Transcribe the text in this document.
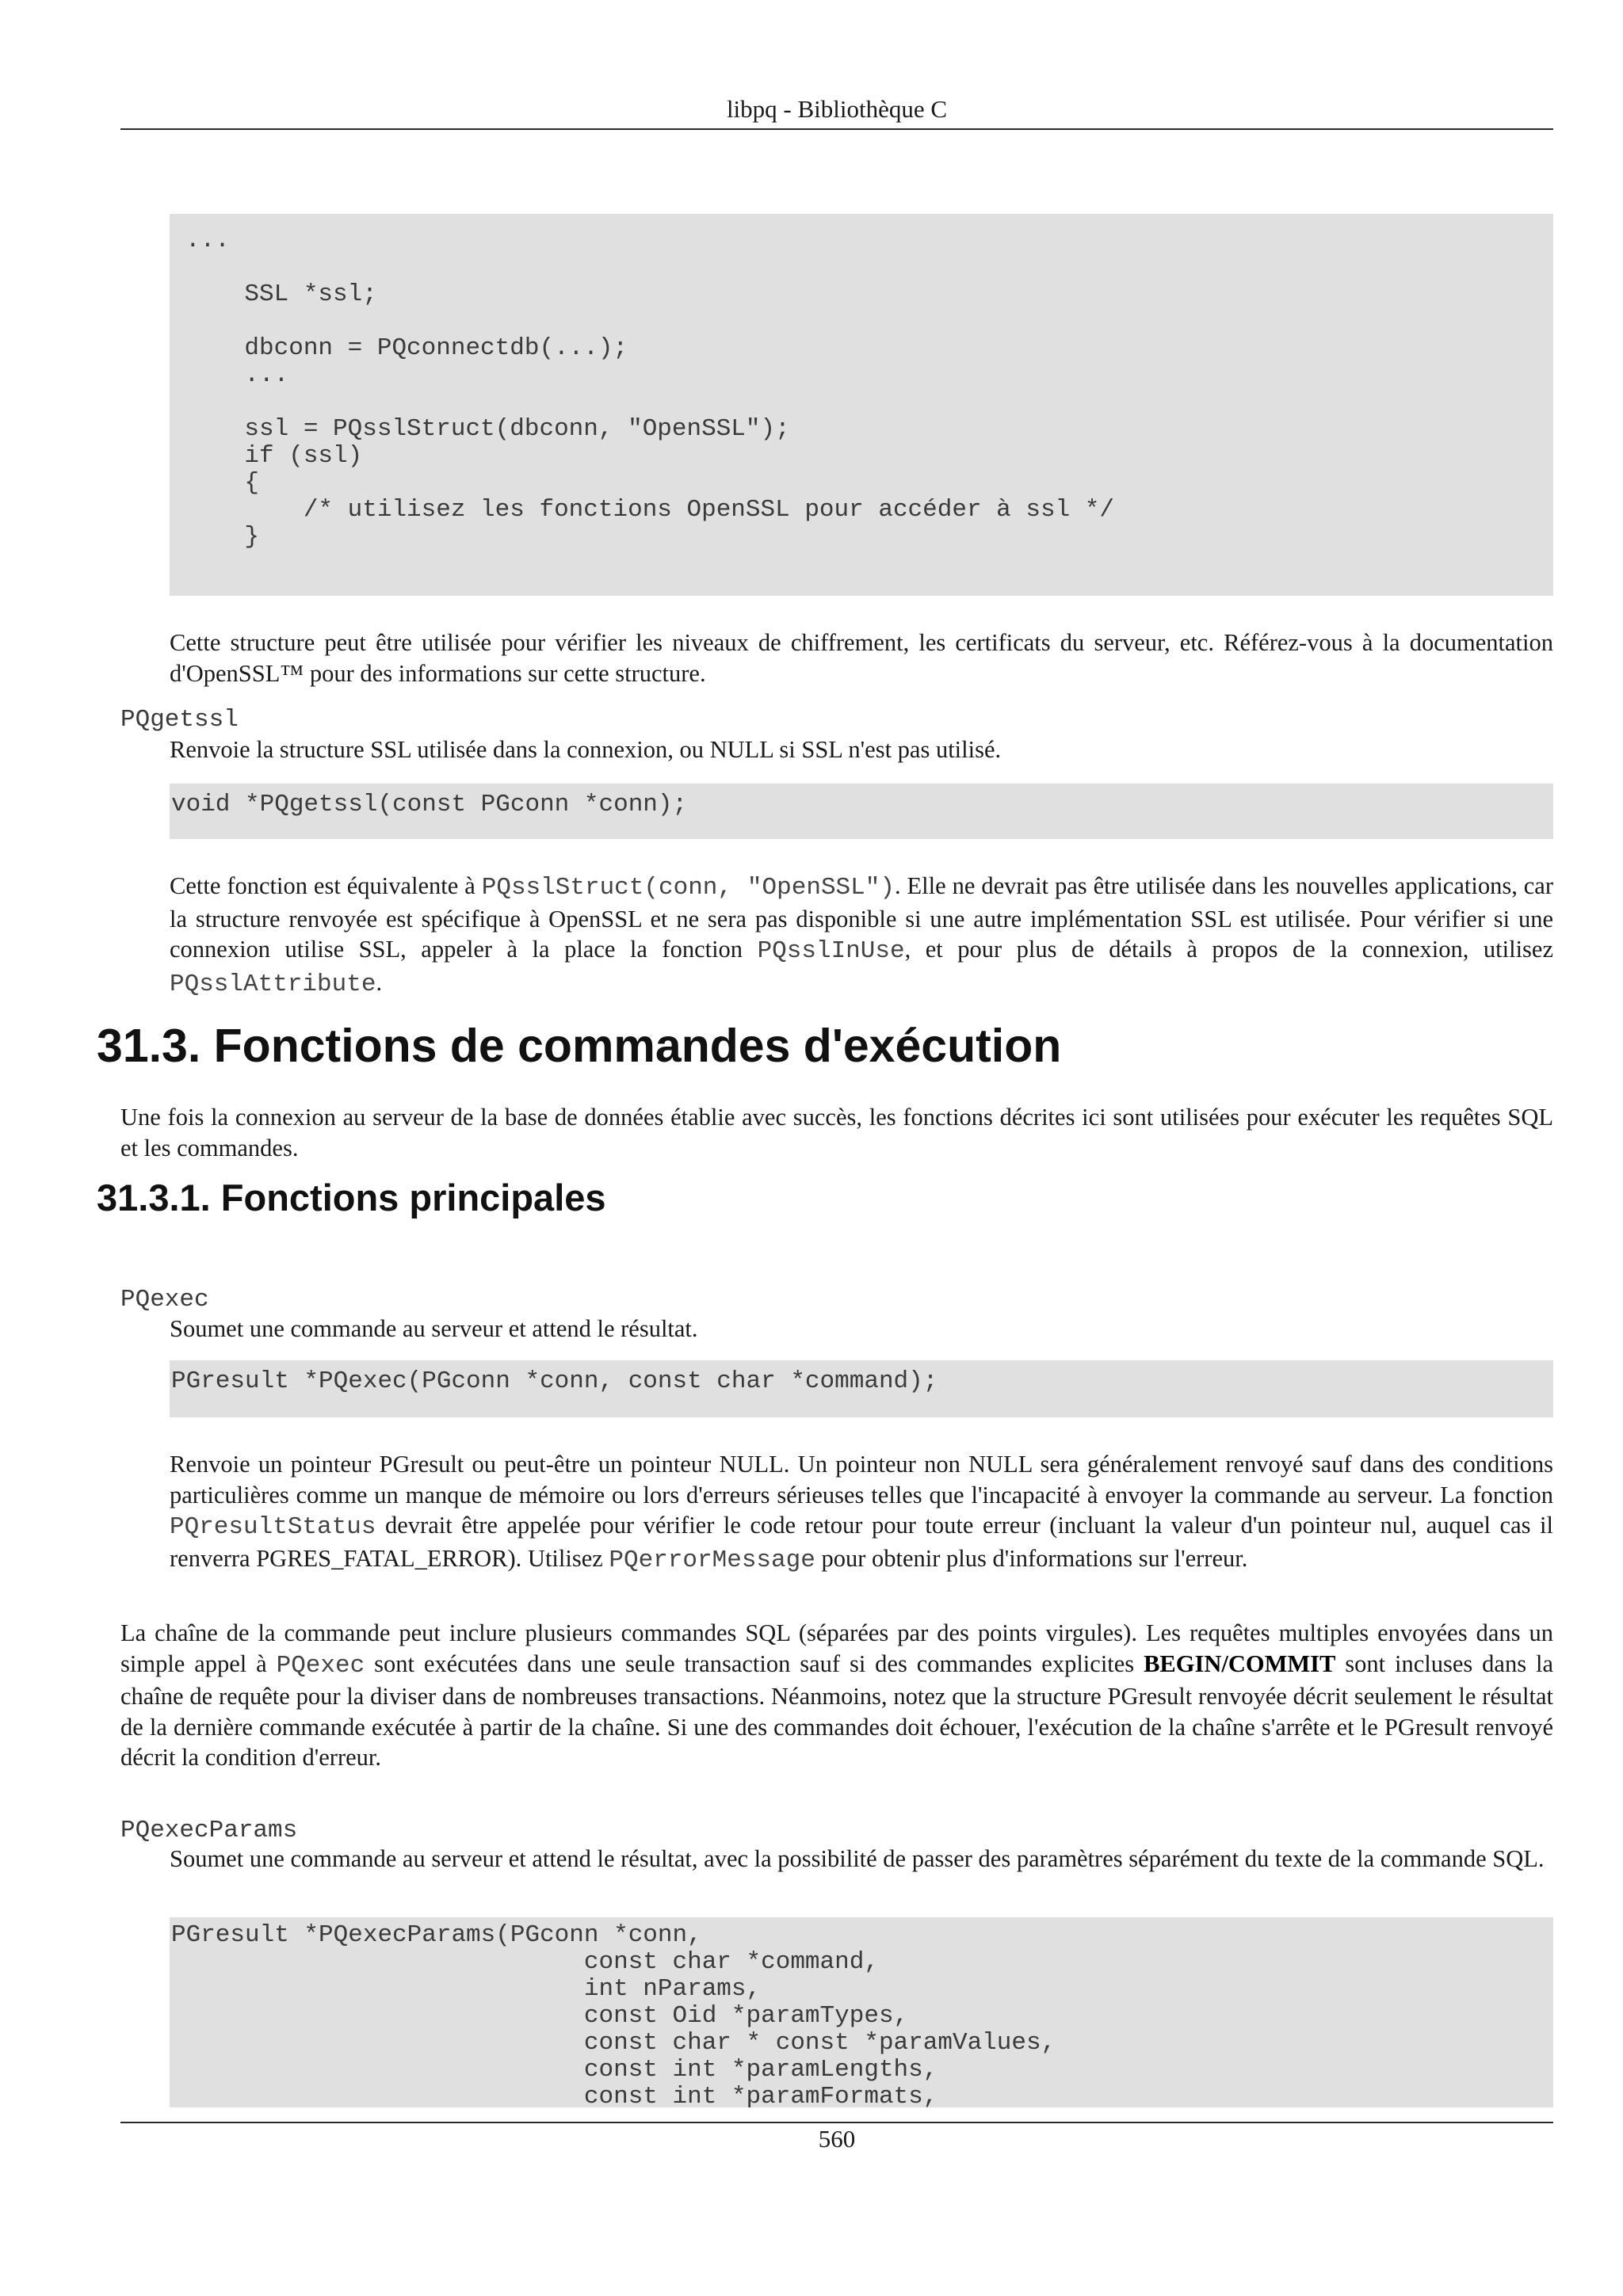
libpq - Bibliothèque C
...

SSL *ssl;

dbconn = PQconnectdb(...);
...

ssl = PQsslStruct(dbconn, "OpenSSL");
if (ssl)
{
/* utilisez les fonctions OpenSSL pour accéder à ssl */
}

Cette structure peut être utilisée pour vérifier les niveaux de chiffrement, les certificats du serveur, etc. Référez-vous à la documentation d'OpenSSL™ pour des informations sur cette structure.

PQgetssl

Renvoie la structure SSL utilisée dans la connexion, ou NULL si SSL n'est pas utilisé.

void *PQgetssl(const PGconn *conn);

Cette fonction est équivalente à PQsslStruct(conn, "OpenSSL"). Elle ne devrait pas être utilisée dans les nouvelles applications, car la structure renvoyée est spécifique à OpenSSL et ne sera pas disponible si une autre implémentation SSL est utilisée. Pour vérifier si une connexion utilise SSL, appeler à la place la fonction PQsslInUse, et pour plus de détails à propos de la connexion, utilisez PQsslAttribute.

31.3. Fonctions de commandes d'exécution

Une fois la connexion au serveur de la base de données établie avec succès, les fonctions décrites ici sont utilisées pour exécuter les requêtes SQL et les commandes.

31.3.1. Fonctions principales
PQexec

Soumet une commande au serveur et attend le résultat.

PGresult *PQexec(PGconn *conn, const char *command);

Renvoie un pointeur PGresult ou peut-être un pointeur NULL. Un pointeur non NULL sera généralement renvoyé sauf dans des conditions particulières comme un manque de mémoire ou lors d'erreurs sérieuses telles que l'incapacité à envoyer la commande au serveur. La fonction PQresultStatus devrait être appelée pour vérifier le code retour pour toute erreur (incluant la valeur d'un pointeur nul, auquel cas il renverra PGRES_FATAL_ERROR). Utilisez PQerrorMessage pour obtenir plus d'informations sur l'erreur.

La chaîne de la commande peut inclure plusieurs commandes SQL (séparées par des points virgules). Les requêtes multiples envoyées dans un simple appel à PQexec sont exécutées dans une seule transaction sauf si des commandes explicites BEGIN/COMMIT sont incluses dans la chaîne de requête pour la diviser dans de nombreuses transactions. Néanmoins, notez que la structure PGresult renvoyée décrit seulement le résultat de la dernière commande exécutée à partir de la chaîne. Si une des commandes doit échouer, l'exécution de la chaîne s'arrête et le PGresult renvoyé décrit la condition d'erreur.

PQexecParams

Soumet une commande au serveur et attend le résultat, avec la possibilité de passer des paramètres séparément du texte de la commande SQL.

PGresult *PQexecParams(PGconn *conn,
const char *command,
int nParams,
const Oid *paramTypes,
const char * const *paramValues,
const int *paramLengths,
const int *paramFormats,
560
